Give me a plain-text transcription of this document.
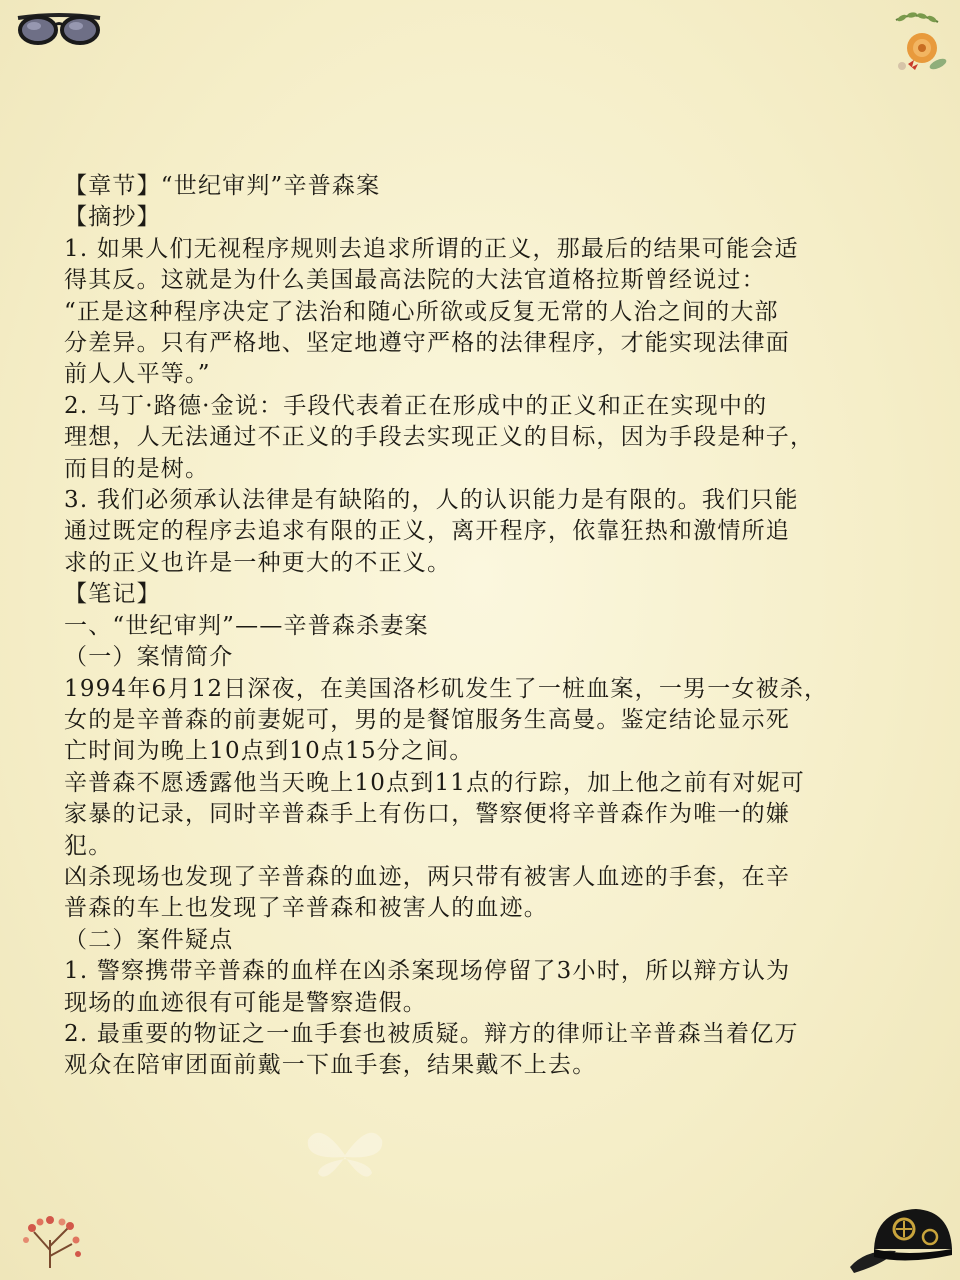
【章节】“世纪审判”辛普森案

【摘抄】

1. 如果人们无视程序规则去追求所谓的正义，那最后的结果可能会适

得其反。这就是为什么美国最高法院的大法官道格拉斯曾经说过：

“正是这种程序决定了法治和随心所欲或反复无常的人治之间的大部

分差异。只有严格地、坚定地遵守严格的法律程序，才能实现法律面

前人人平等。”

2. 马丁·路德·金说：手段代表着正在形成中的正义和正在实现中的

理想，人无法通过不正义的手段去实现正义的目标，因为手段是种子，

而目的是树。

3. 我们必须承认法律是有缺陷的，人的认识能力是有限的。我们只能

通过既定的程序去追求有限的正义，离开程序，依靠狂热和激情所追

求的正义也许是一种更大的不正义。

【笔记】

一、“世纪审判”——辛普森杀妻案

（一）案情简介

1994年6月12日深夜，在美国洛杉矶发生了一桩血案，一男一女被杀，

女的是辛普森的前妻妮可，男的是餐馆服务生高曼。鉴定结论显示死

亡时间为晚上10点到10点15分之间。

辛普森不愿透露他当天晚上10点到11点的行踪，加上他之前有对妮可

家暴的记录，同时辛普森手上有伤口，警察便将辛普森作为唯一的嫌

犯。

凶杀现场也发现了辛普森的血迹，两只带有被害人血迹的手套，在辛

普森的车上也发现了辛普森和被害人的血迹。

（二）案件疑点

1. 警察携带辛普森的血样在凶杀案现场停留了3小时，所以辩方认为

现场的血迹很有可能是警察造假。

2. 最重要的物证之一血手套也被质疑。辩方的律师让辛普森当着亿万

观众在陪审团面前戴一下血手套，结果戴不上去。
